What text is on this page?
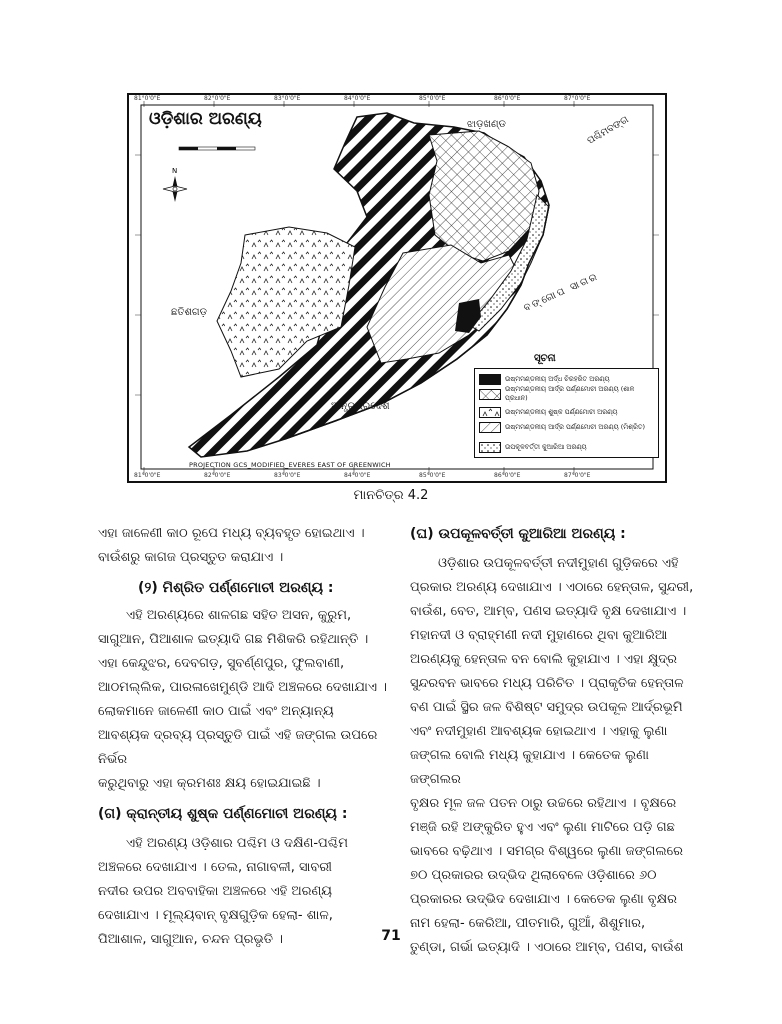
N
ଓଡ଼ିଶାର ଅରଣ୍ୟ	ଝାଡ଼ଖଣ୍ଡ	ପଶ୍ଚିମବଙ୍ଗ
ଛତିଶଗଡ଼	ବଙ୍ଗୋପ ସାଗର
ଆନ୍ଧ୍ରପ୍ରଦେଶ
ସୂଚନା
81°0'0"E	82°0'0"E	83°0'0"E	84°0'0"E	85°0'0"E	86°0'0"E	87°0'0"E
81°0'0"E	82°0'0"E	83°0'0"E	84°0'0"E	85°0'0"E	86°0'0"E	87°0'0"E
PROJECTION GCS_MODIFIED_EVERES EAST OF GREENWICH
ଉଷ୍ମମଣ୍ଡଳୀୟ ଅର୍ଦ୍ଧ ଚିରହରିତ ଅରଣ୍ୟ
ଉଷ୍ମମଣ୍ଡଳୀୟ ଆର୍ଦ୍ର ପର୍ଣ୍ଣମୋଚୀ ଅରଣ୍ୟ (ଶାଳ ପ୍ରଧାନ)
ଉଷ୍ମମଣ୍ଡଳୀୟ ଶୁଷ୍କ ପର୍ଣ୍ଣମୋଚୀ ଅରଣ୍ୟ
ଉଷ୍ମମଣ୍ଡଳୀୟ ଆର୍ଦ୍ର ପର୍ଣ୍ଣମୋଚୀ ଅରଣ୍ୟ (ମିଶ୍ରିତ)
ଉପକୂଳବର୍ତ୍ତୀ କୁଆରିଆ ଅରଣ୍ୟ
ମାନଚିତ୍ର 4.2

ଏହା ଜାଳେଣୀ କାଠ ରୂପେ ମଧ୍ୟ ବ୍ୟବହୃତ ହୋଇଥାଏ ।
ବାଉଁଶରୁ କାଗଜ ପ୍ରସ୍ତୁତ କରାଯାଏ ।

(୨) ମିଶ୍ରିତ ପର୍ଣ୍ଣମୋଚୀ ଅରଣ୍ୟ :

ଏହି ଅରଣ୍ୟରେ ଶାଳଗଛ ସହିତ ଅସନ, କୁରୁମ,
ସାଗୁଆନ, ପିଆଶାଳ ଇତ୍ୟାଦି ଗଛ ମିଶିକରି ରହିଥାନ୍ତି ।
ଏହା କେନ୍ଦୁଝର, ଦେବଗଡ଼, ସୁବର୍ଣ୍ଣପୁର, ଫୁଲବାଣୀ,
ଆଠମଲ୍ଲିକ, ପାରଳାଖେମୁଣ୍ଡି ଆଦି ଅଞ୍ଚଳରେ ଦେଖାଯାଏ ।
ଲୋକମାନେ ଜାଳେଣୀ କାଠ ପାଇଁ ଏବଂ ଅନ୍ୟାନ୍ୟ
ଆବଶ୍ୟକ ଦ୍ରବ୍ୟ ପ୍ରସ୍ତୁତି ପାଇଁ ଏହି ଜଙ୍ଗଲ ଉପରେ ନିର୍ଭର
କରୁଥିବାରୁ ଏହା କ୍ରମଶଃ କ୍ଷୟ ହୋଇଯାଇଛି ।

(ଗ) କ୍ରାନ୍ତୀୟ ଶୁଷ୍କ ପର୍ଣ୍ଣମୋଚୀ ଅରଣ୍ୟ :

ଏହି ଅରଣ୍ୟ ଓଡ଼ିଶାର ପଶ୍ଚିମ ଓ ଦକ୍ଷିଣ-ପଶ୍ଚିମ
ଅଞ୍ଚଳରେ ଦେଖାଯାଏ । ତେଲ, ନାଗାବଳୀ, ସାବରୀ
ନଦୀର ଉପର ଅବବାହିକା ଅଞ୍ଚଳରେ ଏହି ଅରଣ୍ୟ
ଦେଖାଯାଏ । ମୂଲ୍ୟବାନ୍ ବୃକ୍ଷଗୁଡ଼ିକ ହେଲା- ଶାଳ,
ପିଆଶାଳ, ସାଗୁଆନ, ଚନ୍ଦନ ପ୍ରଭୃତି ।

(ଘ) ଉପକୂଳବର୍ତ୍ତୀ କୁଆରିଆ ଅରଣ୍ୟ :

ଓଡ଼ିଶାର ଉପକୂଳବର୍ତ୍ତୀ ନଦୀମୁହାଣ ଗୁଡ଼ିକରେ ଏହି
ପ୍ରକାର ଅରଣ୍ୟ ଦେଖାଯାଏ । ଏଠାରେ ହେନ୍ତାଳ, ସୁନ୍ଦରୀ,
ବାଉଁଶ, ବେତ, ଆମ୍ବ, ପଣସ ଇତ୍ୟାଦି ବୃକ୍ଷ ଦେଖାଯାଏ ।
ମହାନଦୀ ଓ ବ୍ରାହ୍ମଣୀ ନଦୀ ମୁହାଣରେ ଥିବା କୁଆରିଆ
ଅରଣ୍ୟକୁ ହେନ୍ତାଳ ବନ ବୋଲି କୁହାଯାଏ । ଏହା କ୍ଷୁଦ୍ର
ସୁନ୍ଦରବନ ଭାବରେ ମଧ୍ୟ ପରିଚିତ । ପ୍ରାକୃତିକ ହେନ୍ତାଳ
ବଣ ପାଇଁ ସ୍ଥିର ଜଳ ବିଶିଷ୍ଟ ସମୁଦ୍ର ଉପକୂଳ ଆର୍ଦ୍ରଭୂମି
ଏବଂ ନଦୀମୁହାଣ ଆବଶ୍ୟକ ହୋଇଥାଏ । ଏହାକୁ ଲୁଣା
ଜଙ୍ଗଲ ବୋଲି ମଧ୍ୟ କୁହାଯାଏ । କେତେକ ଲୁଣା ଜଙ୍ଗଲର
ବୃକ୍ଷର ମୂଳ ଜଳ ପତନ ଠାରୁ ଉଚ୍ଚରେ ରହିଥାଏ । ବୃକ୍ଷରେ
ମଞ୍ଜି ରହି ଅଙ୍କୁରିତ ହୁଏ ଏବଂ ଲୁଣା ମାଟିରେ ପଡ଼ି ଗଛ
ଭାବରେ ବଢ଼ିଥାଏ । ସମଗ୍ର ବିଶ୍ୱରେ ଲୁଣା ଜଙ୍ଗଲରେ
୭୦ ପ୍ରକାରର ଉଦ୍ଭିଦ ଥିଲାବେଳେ ଓଡ଼ିଶାରେ ୬୦
ପ୍ରକାରର ଉଦ୍ଭିଦ ଦେଖାଯାଏ । କେତେକ ଲୁଣା ବୃକ୍ଷର
ନାମ ହେଲା- କେରିଆ, ପୀତମାରି, ଗୁଆଁ, ଶିଶୁମାର,
ତୁଣ୍ଡା, ଗର୍ଭା ଇତ୍ୟାଦି । ଏଠାରେ ଆମ୍ବ, ପଣସ, ବାଉଁଶ

71
